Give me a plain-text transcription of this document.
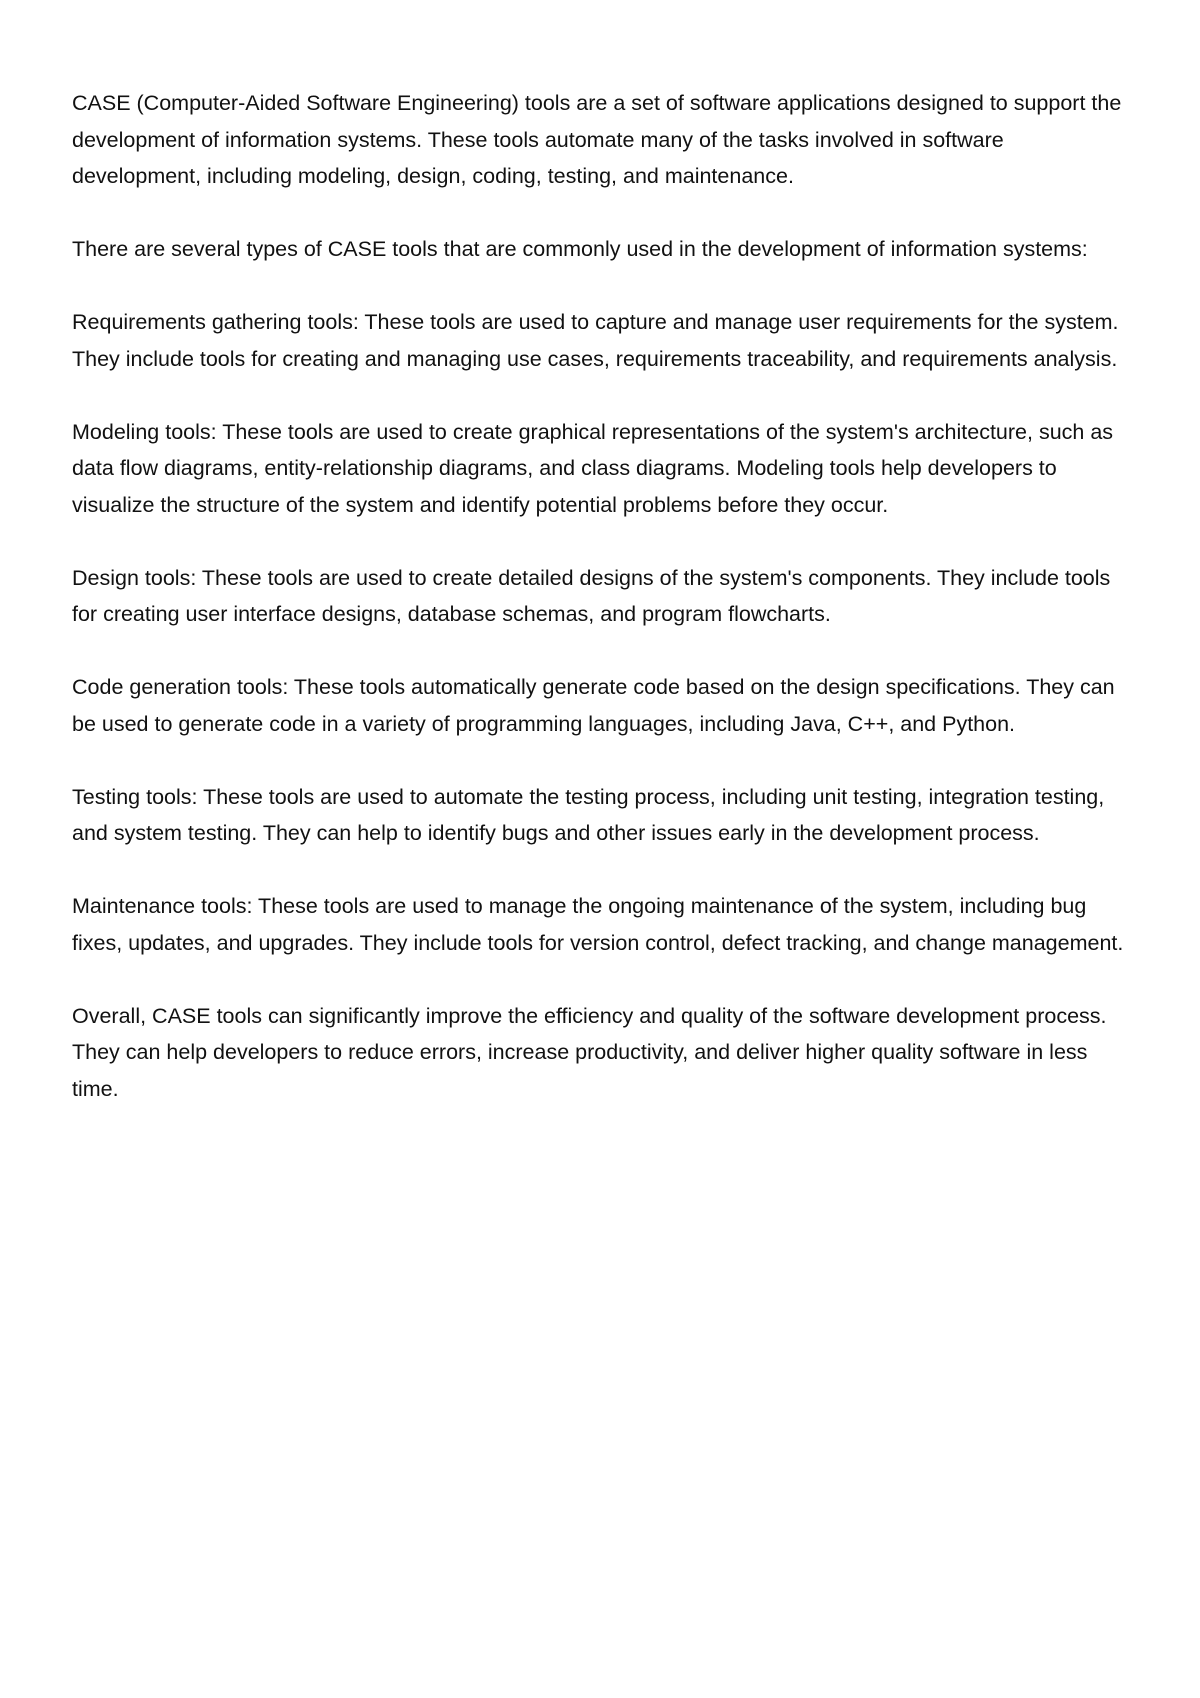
CASE (Computer-Aided Software Engineering) tools are a set of software applications designed to support the development of information systems. These tools automate many of the tasks involved in software development, including modeling, design, coding, testing, and maintenance.

There are several types of CASE tools that are commonly used in the development of information systems:

Requirements gathering tools: These tools are used to capture and manage user requirements for the system. They include tools for creating and managing use cases, requirements traceability, and requirements analysis.

Modeling tools: These tools are used to create graphical representations of the system's architecture, such as data flow diagrams, entity-relationship diagrams, and class diagrams. Modeling tools help developers to visualize the structure of the system and identify potential problems before they occur.

Design tools: These tools are used to create detailed designs of the system's components. They include tools for creating user interface designs, database schemas, and program flowcharts.

Code generation tools: These tools automatically generate code based on the design specifications. They can be used to generate code in a variety of programming languages, including Java, C++, and Python.

Testing tools: These tools are used to automate the testing process, including unit testing, integration testing, and system testing. They can help to identify bugs and other issues early in the development process.

Maintenance tools: These tools are used to manage the ongoing maintenance of the system, including bug fixes, updates, and upgrades. They include tools for version control, defect tracking, and change management.

Overall, CASE tools can significantly improve the efficiency and quality of the software development process. They can help developers to reduce errors, increase productivity, and deliver higher quality software in less time.
